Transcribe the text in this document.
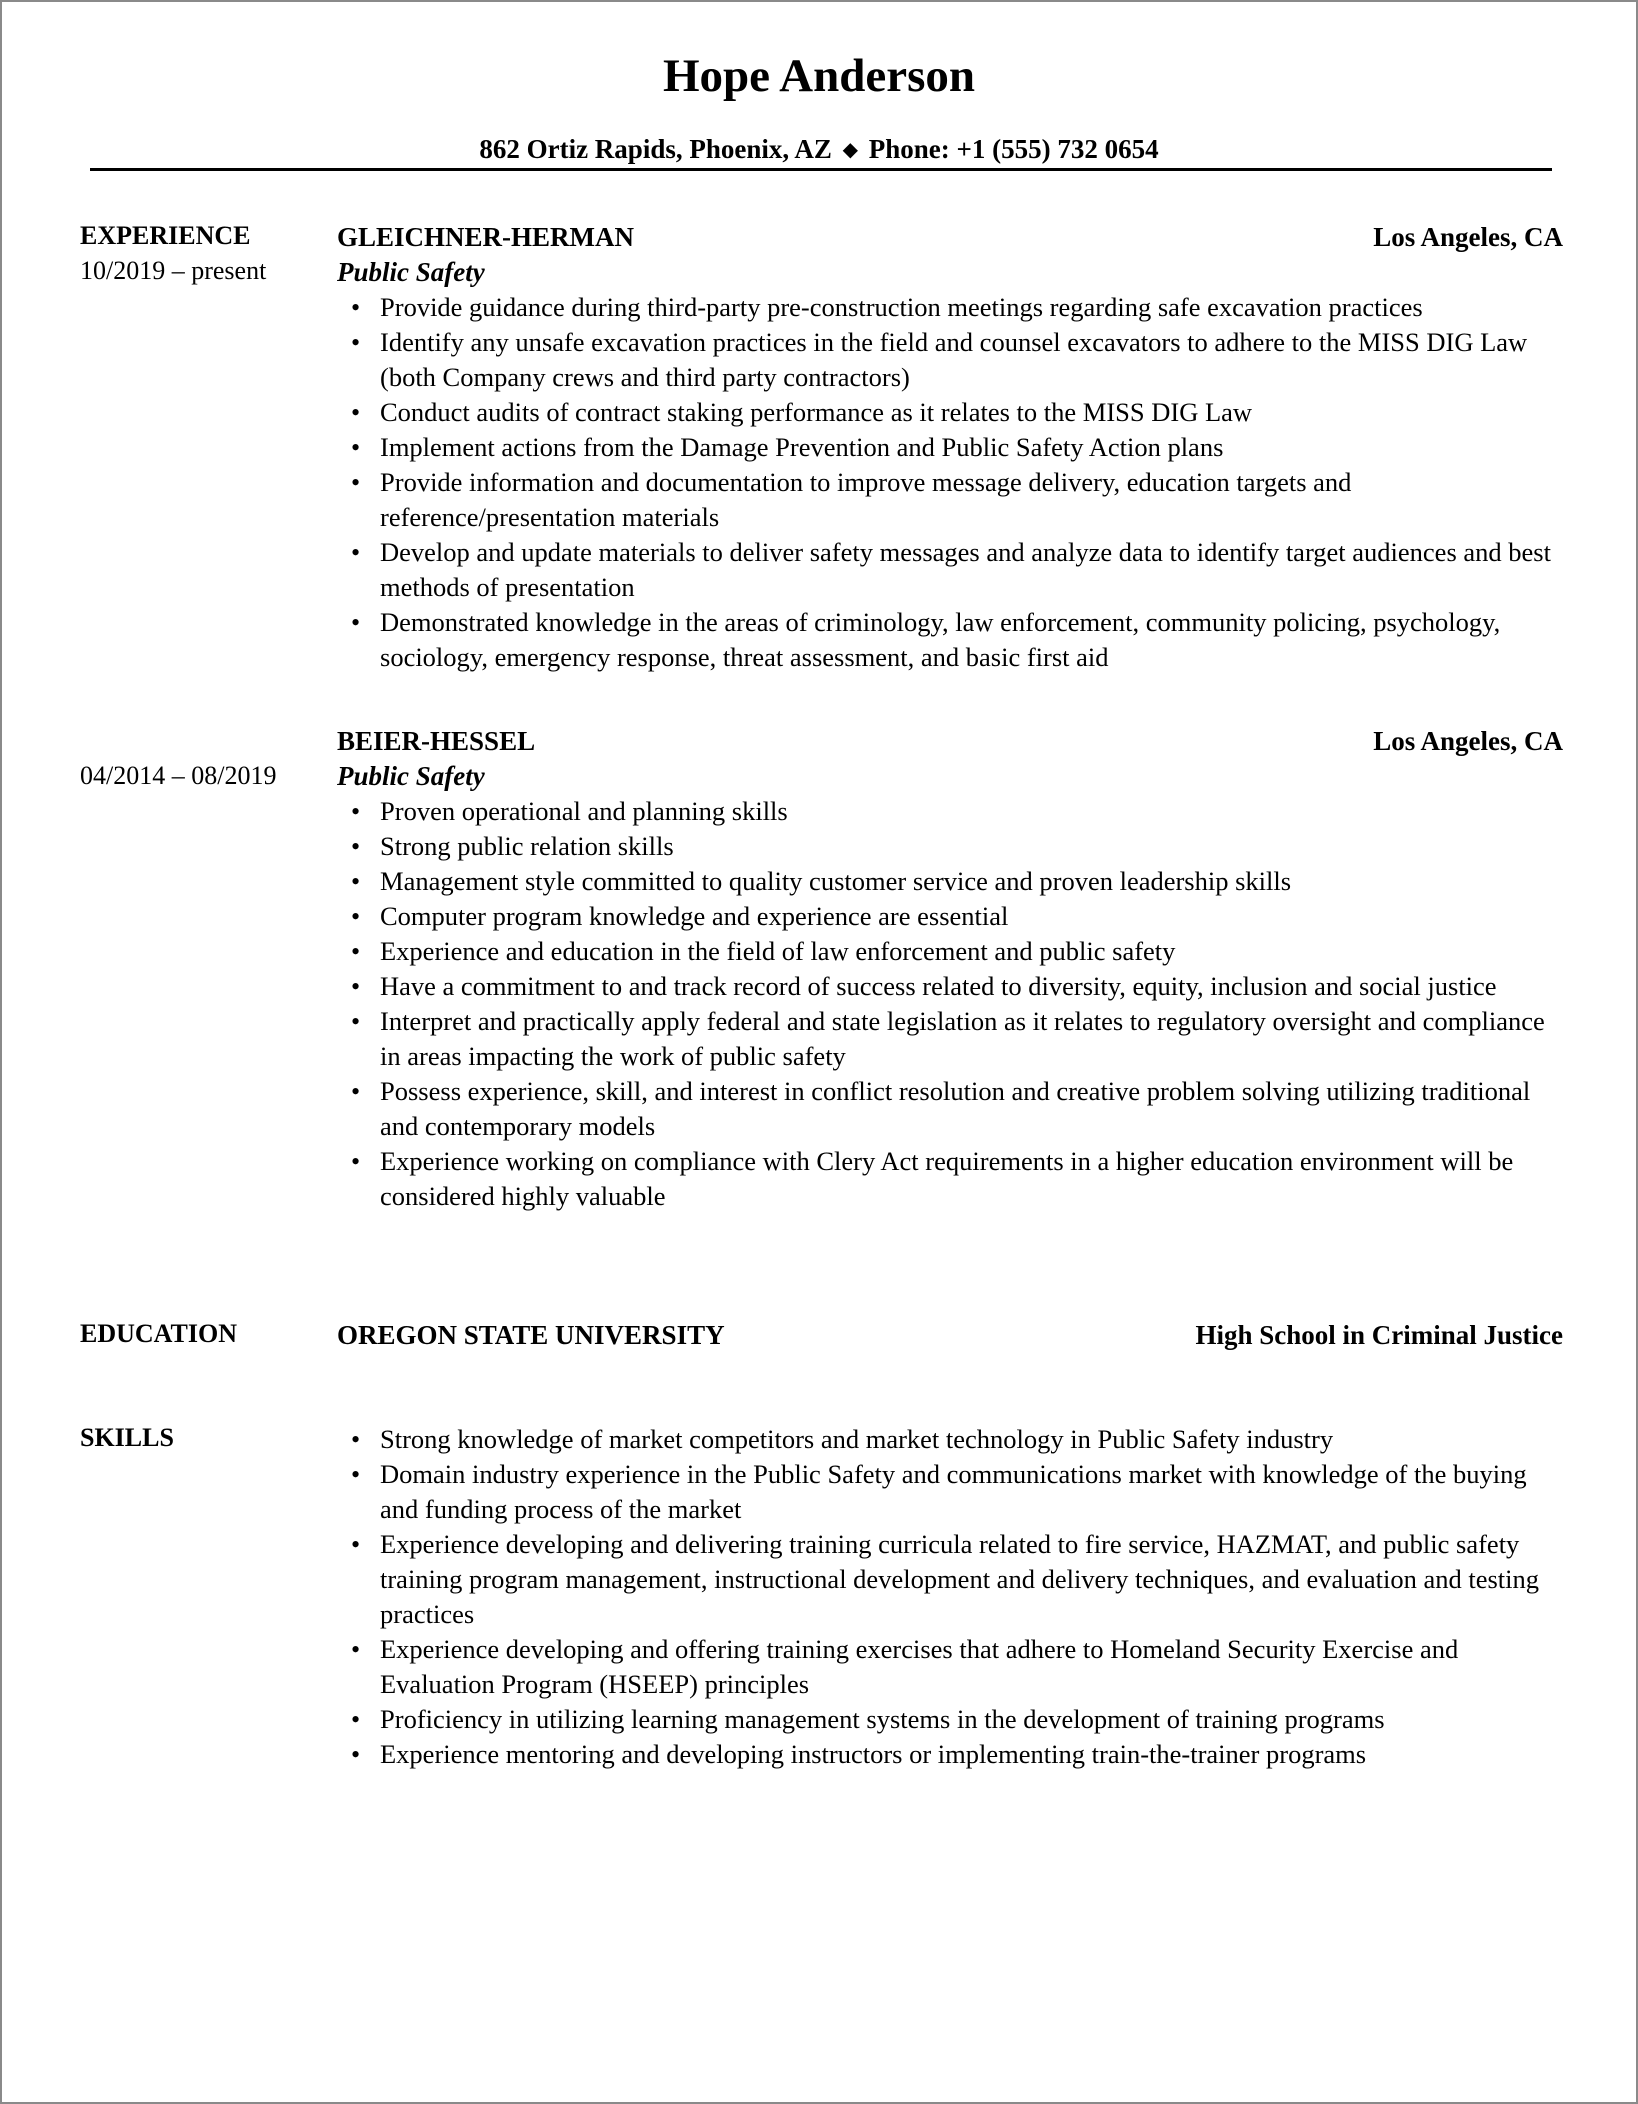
Hope Anderson
862 Ortiz Rapids, Phoenix, AZ ◆ Phone: +1 (555) 732 0654
EXPERIENCE
10/2019 – present
GLEICHNER-HERMAN	Los Angeles, CA
Public Safety
• Provide guidance during third-party pre-construction meetings regarding safe excavation practices
• Identify any unsafe excavation practices in the field and counsel excavators to adhere to the MISS DIG Law (both Company crews and third party contractors)
• Conduct audits of contract staking performance as it relates to the MISS DIG Law
• Implement actions from the Damage Prevention and Public Safety Action plans
• Provide information and documentation to improve message delivery, education targets and reference/presentation materials
• Develop and update materials to deliver safety messages and analyze data to identify target audiences and best methods of presentation
• Demonstrated knowledge in the areas of criminology, law enforcement, community policing, psychology, sociology, emergency response, threat assessment, and basic first aid
04/2014 – 08/2019
BEIER-HESSEL	Los Angeles, CA
Public Safety
• Proven operational and planning skills
• Strong public relation skills
• Management style committed to quality customer service and proven leadership skills
• Computer program knowledge and experience are essential
• Experience and education in the field of law enforcement and public safety
• Have a commitment to and track record of success related to diversity, equity, inclusion and social justice
• Interpret and practically apply federal and state legislation as it relates to regulatory oversight and compliance in areas impacting the work of public safety
• Possess experience, skill, and interest in conflict resolution and creative problem solving utilizing traditional and contemporary models
• Experience working on compliance with Clery Act requirements in a higher education environment will be considered highly valuable
EDUCATION	OREGON STATE UNIVERSITY	High School in Criminal Justice
SKILLS
•	Strong knowledge of market competitors and market technology in Public Safety industry
• Domain industry experience in the Public Safety and communications market with knowledge of the buying and funding process of the market
• Experience developing and delivering training curricula related to fire service, HAZMAT, and public safety training program management, instructional development and delivery techniques, and evaluation and testing practices
• Experience developing and offering training exercises that adhere to Homeland Security Exercise and Evaluation Program (HSEEP) principles
• Proficiency in utilizing learning management systems in the development of training programs
• Experience mentoring and developing instructors or implementing train-the-trainer programs
